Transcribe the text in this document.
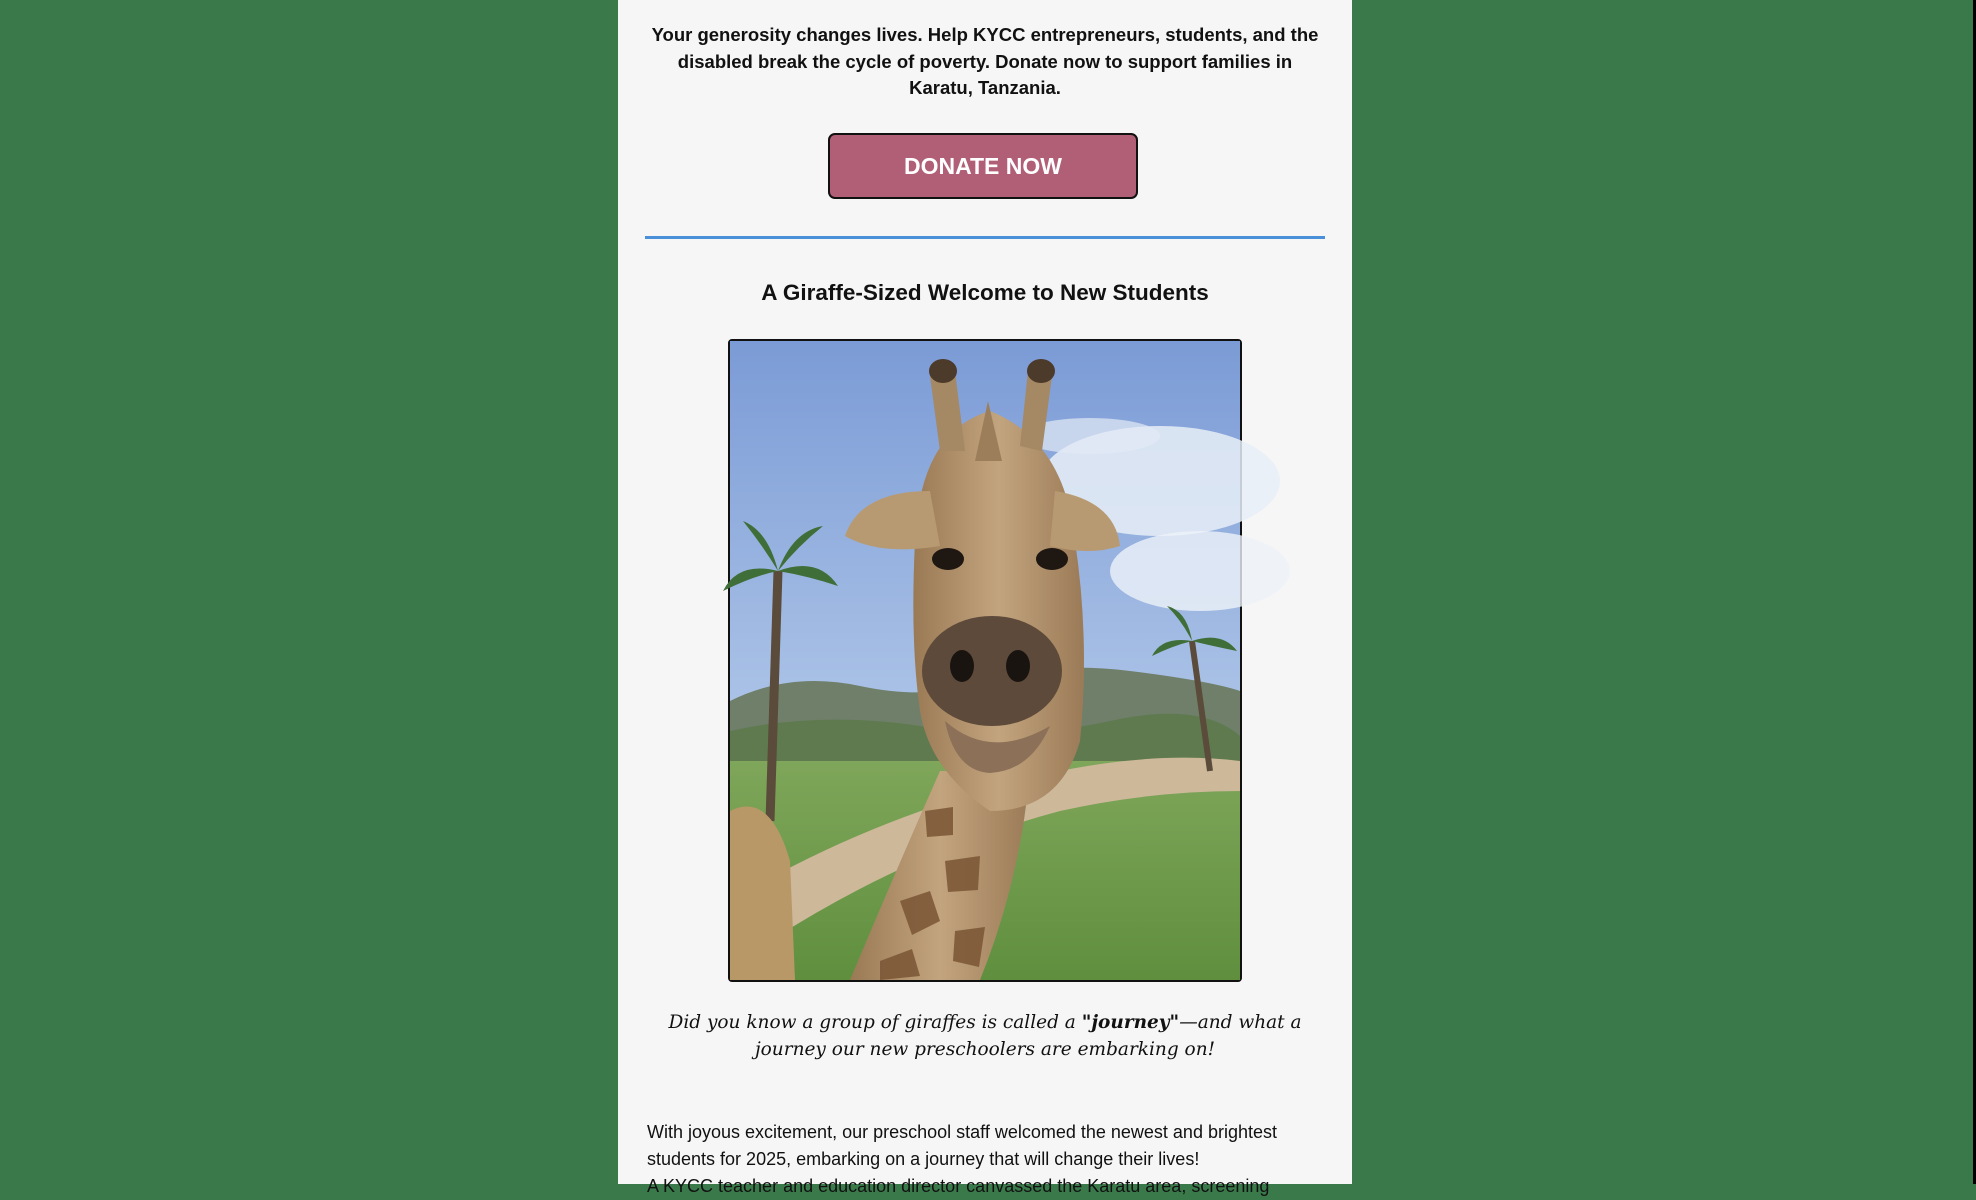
Your generosity changes lives. Help KYCC entrepreneurs, students, and the disabled break the cycle of poverty. Donate now to support families in Karatu, Tanzania.

DONATE NOW
A Giraffe-Sized Welcome to New Students

Did you know a group of giraffes is called a "journey"—and what a journey our new preschoolers are embarking on!

With joyous excitement, our preschool staff welcomed the newest and brightest students for 2025, embarking on a journey that will change their lives!
A KYCC teacher and education director canvassed the Karatu area, screening
